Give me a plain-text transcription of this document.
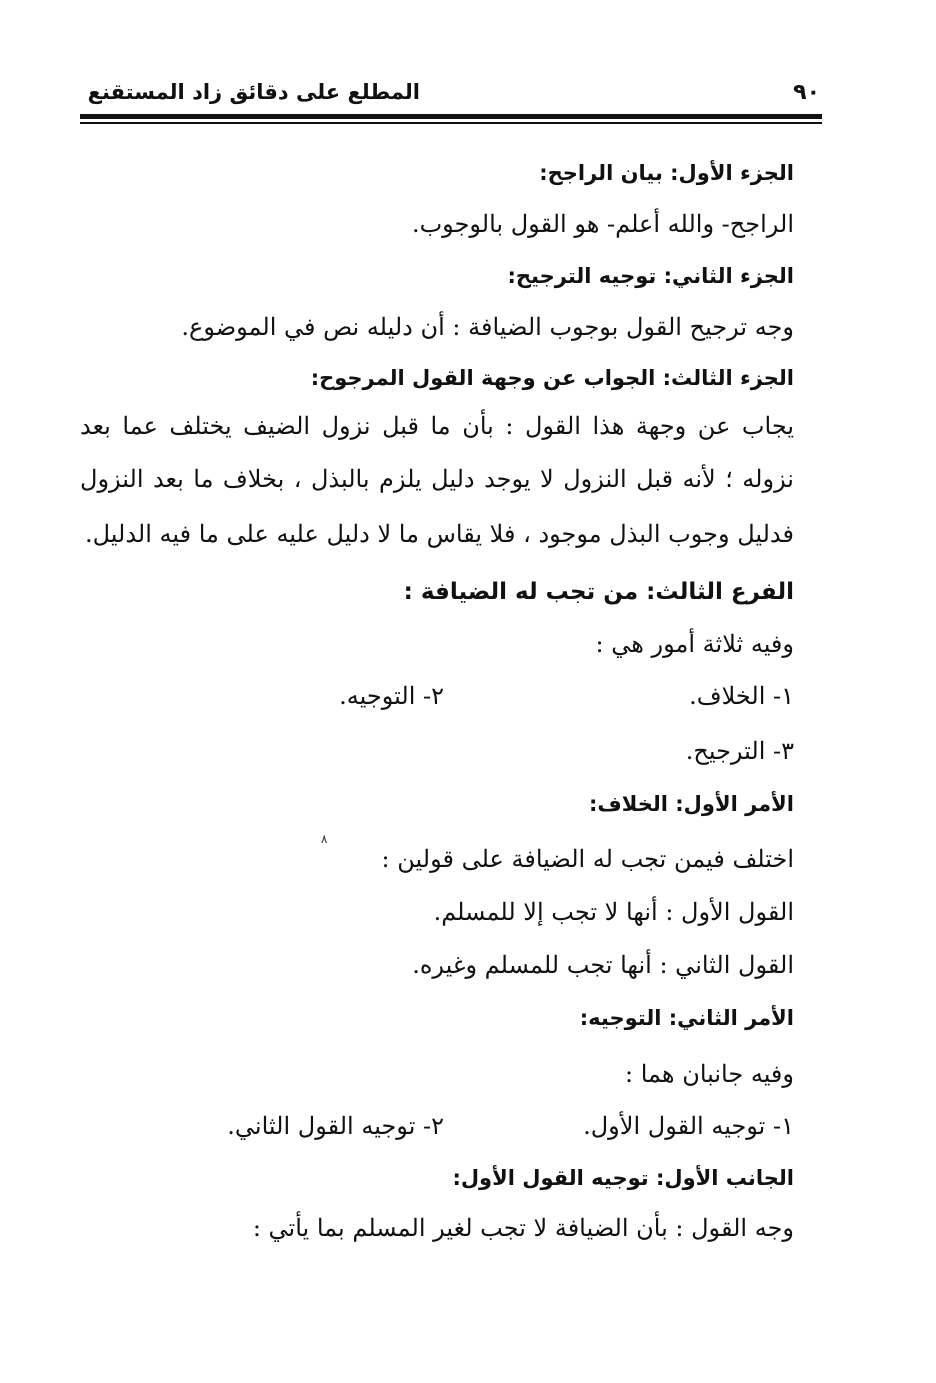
المطلع على دقائق زاد المستقنع	٩٠
الجزء الأول: بيان الراجح:
الراجح- والله أعلم- هو القول بالوجوب.
الجزء الثاني: توجيه الترجيح:
وجه ترجيح القول بوجوب الضيافة : أن دليله نص في الموضوع.
الجزء الثالث: الجواب عن وجهة القول المرجوح:
يجاب عن وجهة هذا القول : بأن ما قبل نزول الضيف يختلف عما بعد
نزوله ؛ لأنه قبل النزول لا يوجد دليل يلزم بالبذل ، بخلاف ما بعد النزول
فدليل وجوب البذل موجود ، فلا يقاس ما لا دليل عليه على ما فيه الدليل.
الفرع الثالث: من تجب له الضيافة :
وفيه ثلاثة أمور هي :
١- الخلاف.
٢- التوجيه.
٣- الترجيح.
الأمر الأول: الخلاف:
٨
اختلف فيمن تجب له الضيافة على قولين :
القول الأول : أنها لا تجب إلا للمسلم.
القول الثاني : أنها تجب للمسلم وغيره.
الأمر الثاني: التوجيه:
وفيه جانبان هما :
١- توجيه القول الأول.
٢- توجيه القول الثاني.
الجانب الأول: توجيه القول الأول:
وجه القول : بأن الضيافة لا تجب لغير المسلم بما يأتي :
